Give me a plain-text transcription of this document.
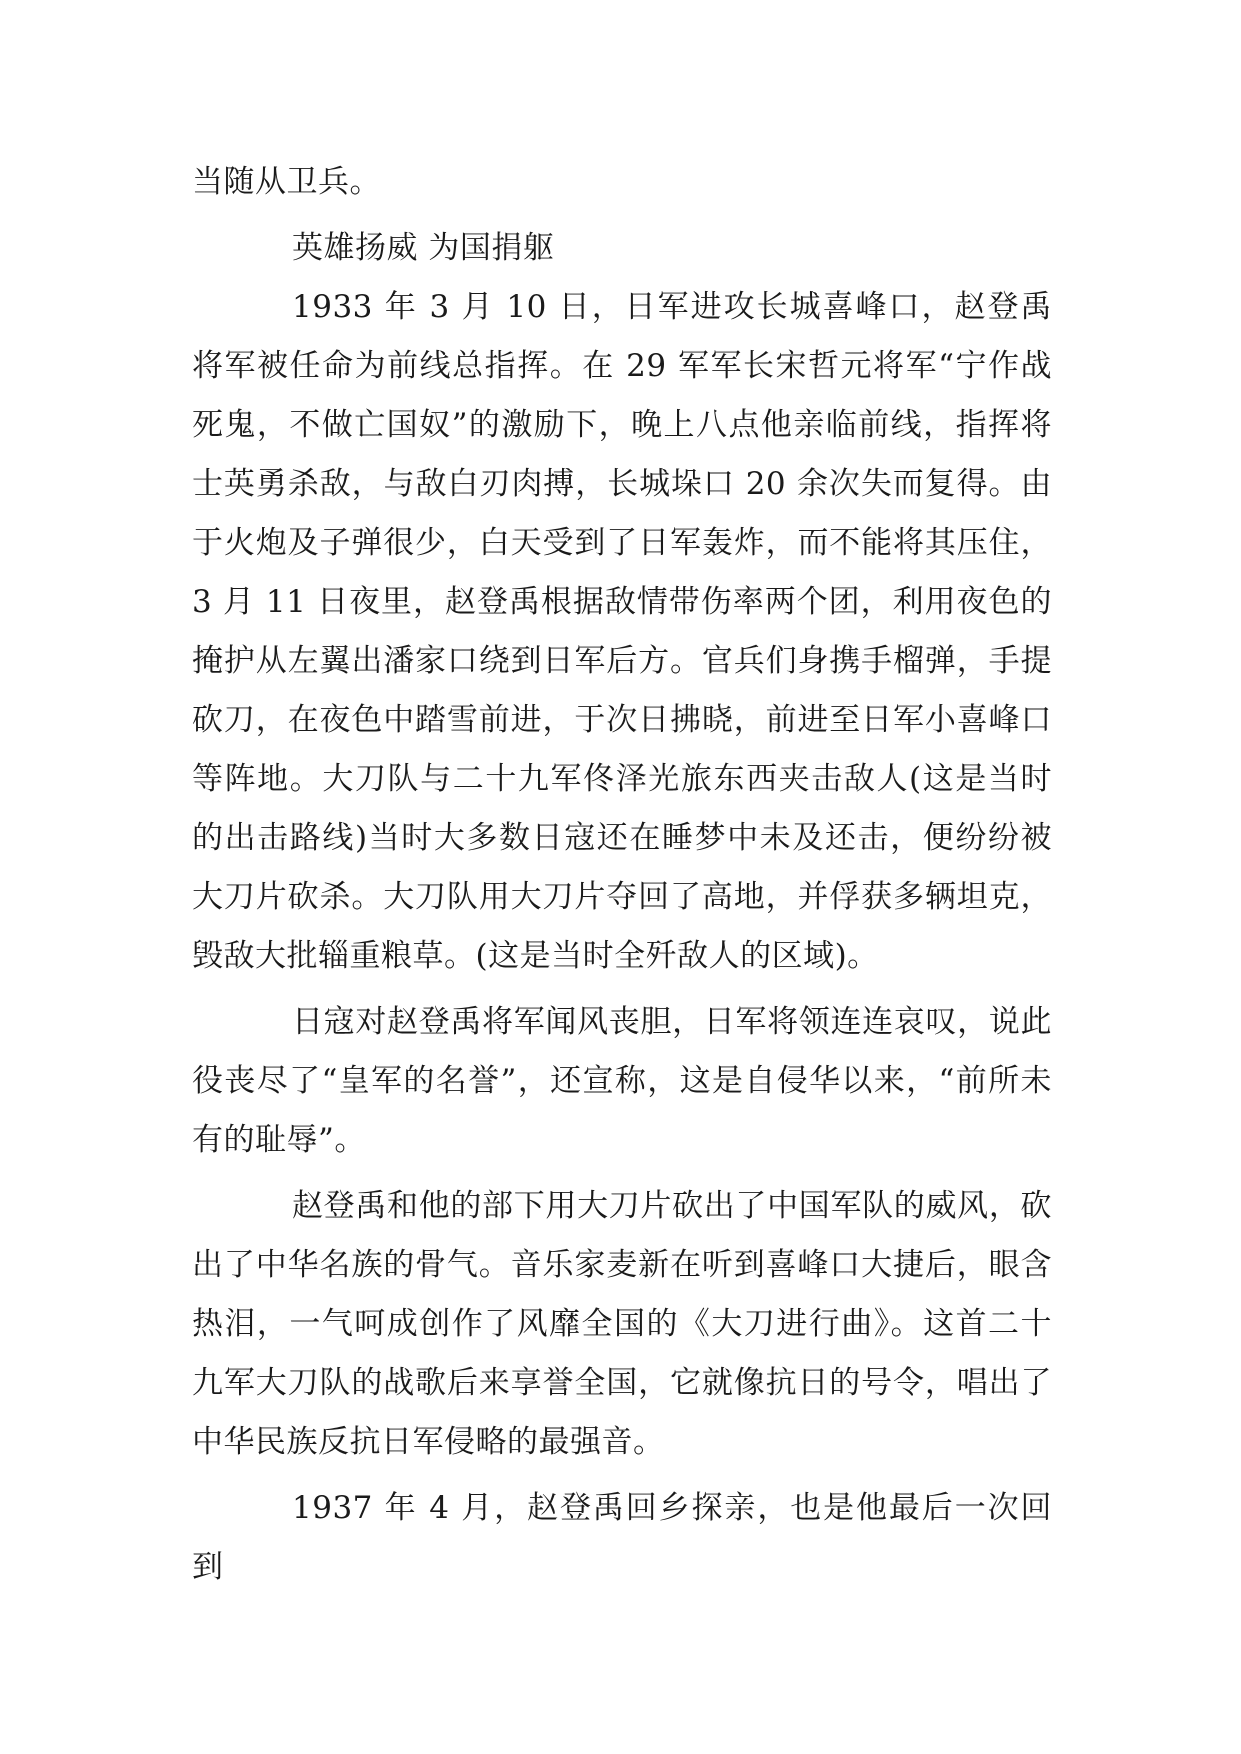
当随从卫兵。

英雄扬威 为国捐躯

1933 年 3 月 10 日，日军进攻长城喜峰口，赵登禹将军被任命为前线总指挥。在 29 军军长宋哲元将军“宁作战死鬼，不做亡国奴”的激励下，晚上八点他亲临前线，指挥将士英勇杀敌，与敌白刃肉搏，长城垛口 20 余次失而复得。由于火炮及子弹很少，白天受到了日军轰炸，而不能将其压住，3 月 11 日夜里，赵登禹根据敌情带伤率两个团，利用夜色的掩护从左翼出潘家口绕到日军后方。官兵们身携手榴弹，手提砍刀，在夜色中踏雪前进，于次日拂晓，前进至日军小喜峰口等阵地。大刀队与二十九军佟泽光旅东西夹击敌人(这是当时的出击路线)当时大多数日寇还在睡梦中未及还击，便纷纷被大刀片砍杀。大刀队用大刀片夺回了高地，并俘获多辆坦克，毁敌大批辎重粮草。(这是当时全歼敌人的区域)。

日寇对赵登禹将军闻风丧胆，日军将领连连哀叹，说此役丧尽了“皇军的名誉”，还宣称，这是自侵华以来，“前所未有的耻辱”。

赵登禹和他的部下用大刀片砍出了中国军队的威风，砍出了中华名族的骨气。音乐家麦新在听到喜峰口大捷后，眼含热泪，一气呵成创作了风靡全国的《大刀进行曲》。这首二十九军大刀队的战歌后来享誉全国，它就像抗日的号令，唱出了中华民族反抗日军侵略的最强音。

1937 年 4 月，赵登禹回乡探亲，也是他最后一次回到
